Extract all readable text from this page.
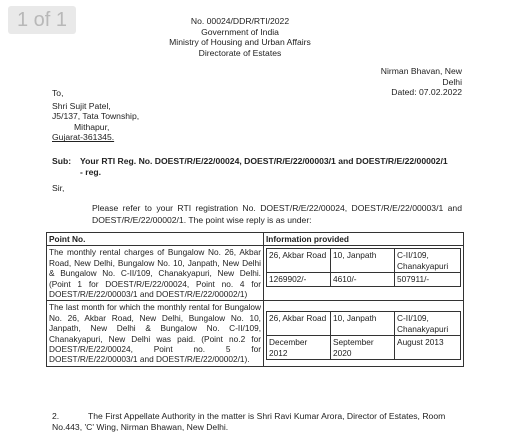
1 of 1	No. 00024/DDR/RTI/2022
Government of India
Ministry of Housing and Urban Affairs
Directorate of Estates
Nirman Bhavan, New Delhi
Dated: 07.02.2022
To,
Shri Sujit Patel,
J5/137, Tata Township,
Mithapur,
Gujarat-361345.
Sub: Your RTI Reg. No. DOEST/R/E/22/00024, DOEST/R/E/22/00003/1 and DOEST/R/E/22/00002/1
- reg.
Sir,
Please refer to your RTI registration No. DOEST/R/E/22/00024, DOEST/R/E/22/00003/1 and DOEST/R/E/22/00002/1. The point wise reply is as under:
Point No.	Information provided
The monthly rental charges of Bungalow No. 26, Akbar Road, New Delhi, Bungalow No. 10, Janpath, New Delhi & Bungalow No. C-II/109, Chanakyapuri, New Delhi.(Point 1 for DOEST/R/E/22/00024, Point no. 4 for DOEST/R/E/22/00003/1 and DOEST/R/E/22/00002/1)	
26, Akbar Road	10, Janpath	C-II/109, Chanakyapuri
1269902/-	4610/-	507911/-

The last month for which the monthly rental for Bungalow No. 26, Akbar Road, New Delhi, Bungalow No. 10, Janpath, New Delhi & Bungalow No. C-II/109, Chanakyapuri, New Delhi was paid. (Point no.2 for DOEST/R/E/22/00024, Point no. 5 for DOEST/R/E/22/00003/1 and DOEST/R/E/22/00002/1).	
26, Akbar Road	10, Janpath	C-II/109, Chanakyapuri
December 2012	September 2020	August 2013
2.	The First Appellate Authority in the matter is Shri Ravi Kumar Arora, Director of Estates, Room No.443, 'C' Wing, Nirman Bhawan, New Delhi.
